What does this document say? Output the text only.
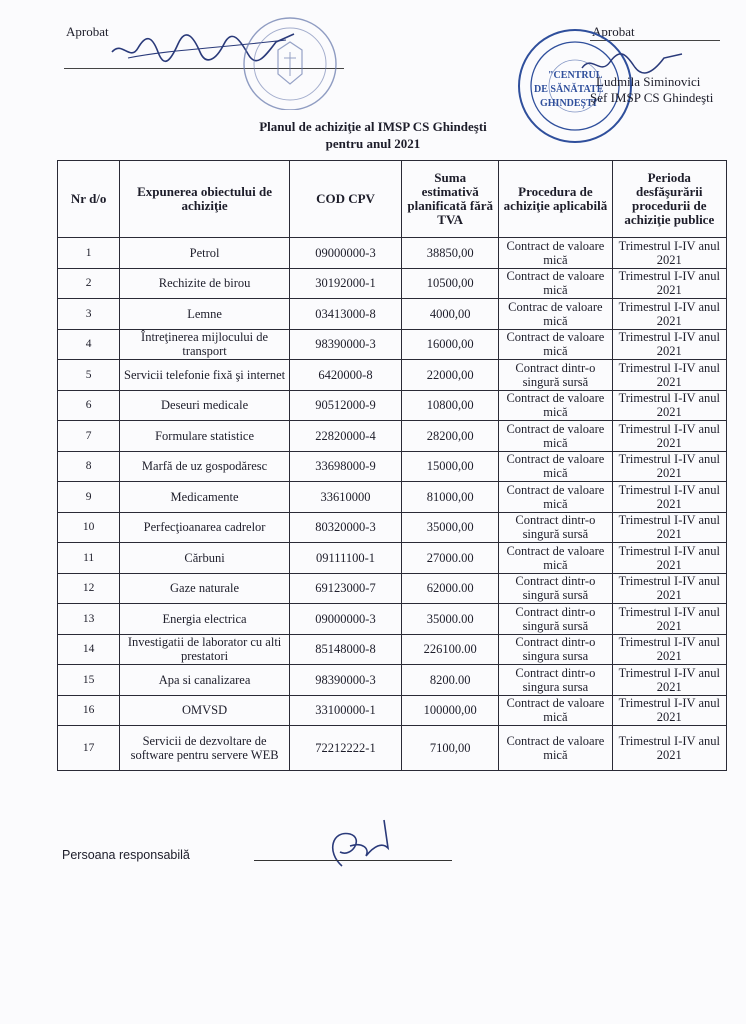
Aprobat	Aprobat
"CENTRUL
DE SĂNĂTATE
GHINDEŞTI"
Ludmila Siminovici
Şef IMSP CS Ghindeşti
Planul de achiziţie al IMSP CS Ghindeşti
pentru anul 2021
Nr d/o	Expunerea obiectului de achiziţie	COD CPV	Suma estimativă planificată fără TVA	Procedura de achiziţie aplicabilă	Perioda desfăşurării procedurii de achiziţie publice
1	Petrol	09000000-3	38850,00	Contract de valoare mică	Trimestrul I-IV anul 2021
2	Rechizite de birou	30192000-1	10500,00	Contract de valoare mică	Trimestrul I-IV anul 2021
3	Lemne	03413000-8	4000,00	Contrac de valoare mică	Trimestrul I-IV anul 2021
4	Întreţinerea mijlocului de transport	98390000-3	16000,00	Contract de valoare mică	Trimestrul I-IV anul 2021
5	Servicii telefonie fixă şi internet	6420000-8	22000,00	Contract dintr-o singură sursă	Trimestrul I-IV anul 2021
6	Deseuri medicale	90512000-9	10800,00	Contract de valoare mică	Trimestrul I-IV anul 2021
7	Formulare statistice	22820000-4	28200,00	Contract de valoare mică	Trimestrul I-IV anul 2021
8	Marfă de uz gospodăresc	33698000-9	15000,00	Contract de valoare mică	Trimestrul I-IV anul 2021
9	Medicamente	33610000	81000,00	Contract de valoare mică	Trimestrul I-IV anul 2021
10	Perfecţioanarea cadrelor	80320000-3	35000,00	Contract dintr-o singură sursă	Trimestrul I-IV anul 2021
11	Cărbuni	09111100-1	27000.00	Contract de valoare mică	Trimestrul I-IV anul 2021
12	Gaze naturale	69123000-7	62000.00	Contract dintr-o singură sursă	Trimestrul I-IV anul 2021
13	Energia electrica	09000000-3	35000.00	Contract dintr-o singură sursă	Trimestrul I-IV anul 2021
14	Investigatii de laborator cu alti prestatori	85148000-8	226100.00	Contract dintr-o singura sursa	Trimestrul I-IV anul 2021
15	Apa si canalizarea	98390000-3	8200.00	Contract dintr-o singura sursa	Trimestrul I-IV anul 2021
16	OMVSD	33100000-1	100000,00	Contract de valoare mică	Trimestrul I-IV anul 2021
17	Servicii de dezvoltare de software pentru servere WEB	72212222-1	7100,00	Contract de valoare mică	Trimestrul I-IV anul 2021
Persoana responsabilă
